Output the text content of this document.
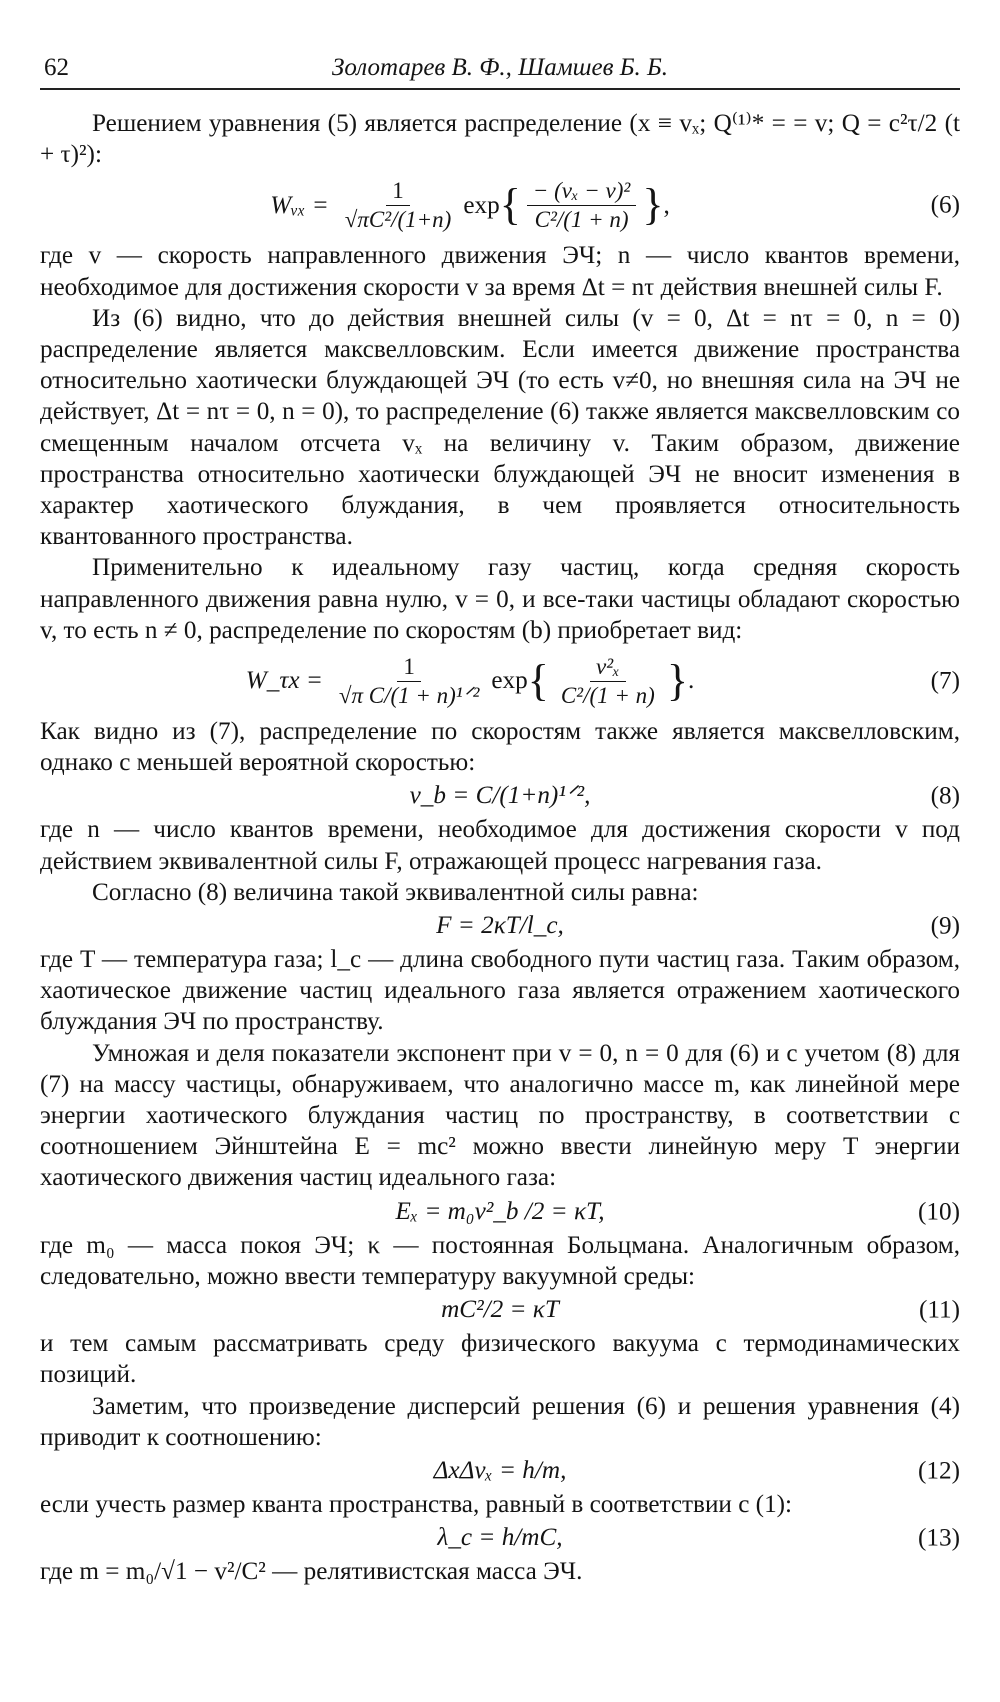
62	Золотарев В. Ф., Шамшев Б. Б.

Решением уравнения (5) является распределение (x ≡ vₓ; Q⁽¹⁾* = = v; Q = c²τ/2 (t + τ)²):

Wᵥₓ = $\frac{1}{\text{√πC²/(1+n)}}$ exp { $\frac{\text{− (vₓ − v)²}}{\text{C²/(1 + n)}}$ } ,	(6)

где v — скорость направленного движения ЭЧ; n — число квантов времени, необходимое для достижения скорости v за время Δt = nτ действия внешней силы F.

Из (6) видно, что до действия внешней силы (v = 0, Δt = nτ = 0, n = 0) распределение является максвелловским. Если имеется движение пространства относительно хаотически блуждающей ЭЧ (то есть v≠0, но внешняя сила на ЭЧ не действует, Δt = nτ = 0, n = 0), то распределение (6) также является максвелловским со смещенным началом отсчета vₓ на величину v. Таким образом, движение пространства относительно хаотически блуждающей ЭЧ не вносит изменения в характер хаотического блуждания, в чем проявляется относительность квантованного пространства.

Применительно к идеальному газу частиц, когда средняя скорость направленного движения равна нулю, v = 0, и все-таки частицы обладают скоростью v, то есть n ≠ 0, распределение по скоростям (b) приобретает вид:

W_τx = $\frac{1}{\text{√π C/(1 + n)¹ᐟ²}}$ exp { $\frac{\text{v²ₓ}}{\text{C²/(1 + n)}}$ } .	(7)

Как видно из (7), распределение по скоростям также является максвелловским, однако с меньшей вероятной скоростью:

v_b = C/(1+n)¹ᐟ²,	(8)

где n — число квантов времени, необходимое для достижения скорости v под действием эквивалентной силы F, отражающей процесс нагревания газа.

Согласно (8) величина такой эквивалентной силы равна:

F = 2κT/l_c,	(9)

где T — температура газа; l_c — длина свободного пути частиц газа. Таким образом, хаотическое движение частиц идеального газа является отражением хаотического блуждания ЭЧ по пространству.

Умножая и деля показатели экспонент при v = 0, n = 0 для (6) и с учетом (8) для (7) на массу частицы, обнаруживаем, что аналогично массе m, как линейной мере энергии хаотического блуждания частиц по пространству, в соответствии с соотношением Эйнштейна E = mc² можно ввести линейную меру T энергии хаотического движения частиц идеального газа:

Eₓ = m₀v²_b /2 = κT,	(10)

где m₀ — масса покоя ЭЧ; κ — постоянная Больцмана. Аналогичным образом, следовательно, можно ввести температуру вакуумной среды:

mC²/2 = κT	(11)

и тем самым рассматривать среду физического вакуума с термодинамических позиций.

Заметим, что произведение дисперсий решения (6) и решения уравнения (4) приводит к соотношению:

ΔxΔvₓ = h/m,	(12)

если учесть размер кванта пространства, равный в соответствии с (1):

λ_c = h/mC,	(13)

где m = m₀/√1 − v²/C² — релятивистская масса ЭЧ.
